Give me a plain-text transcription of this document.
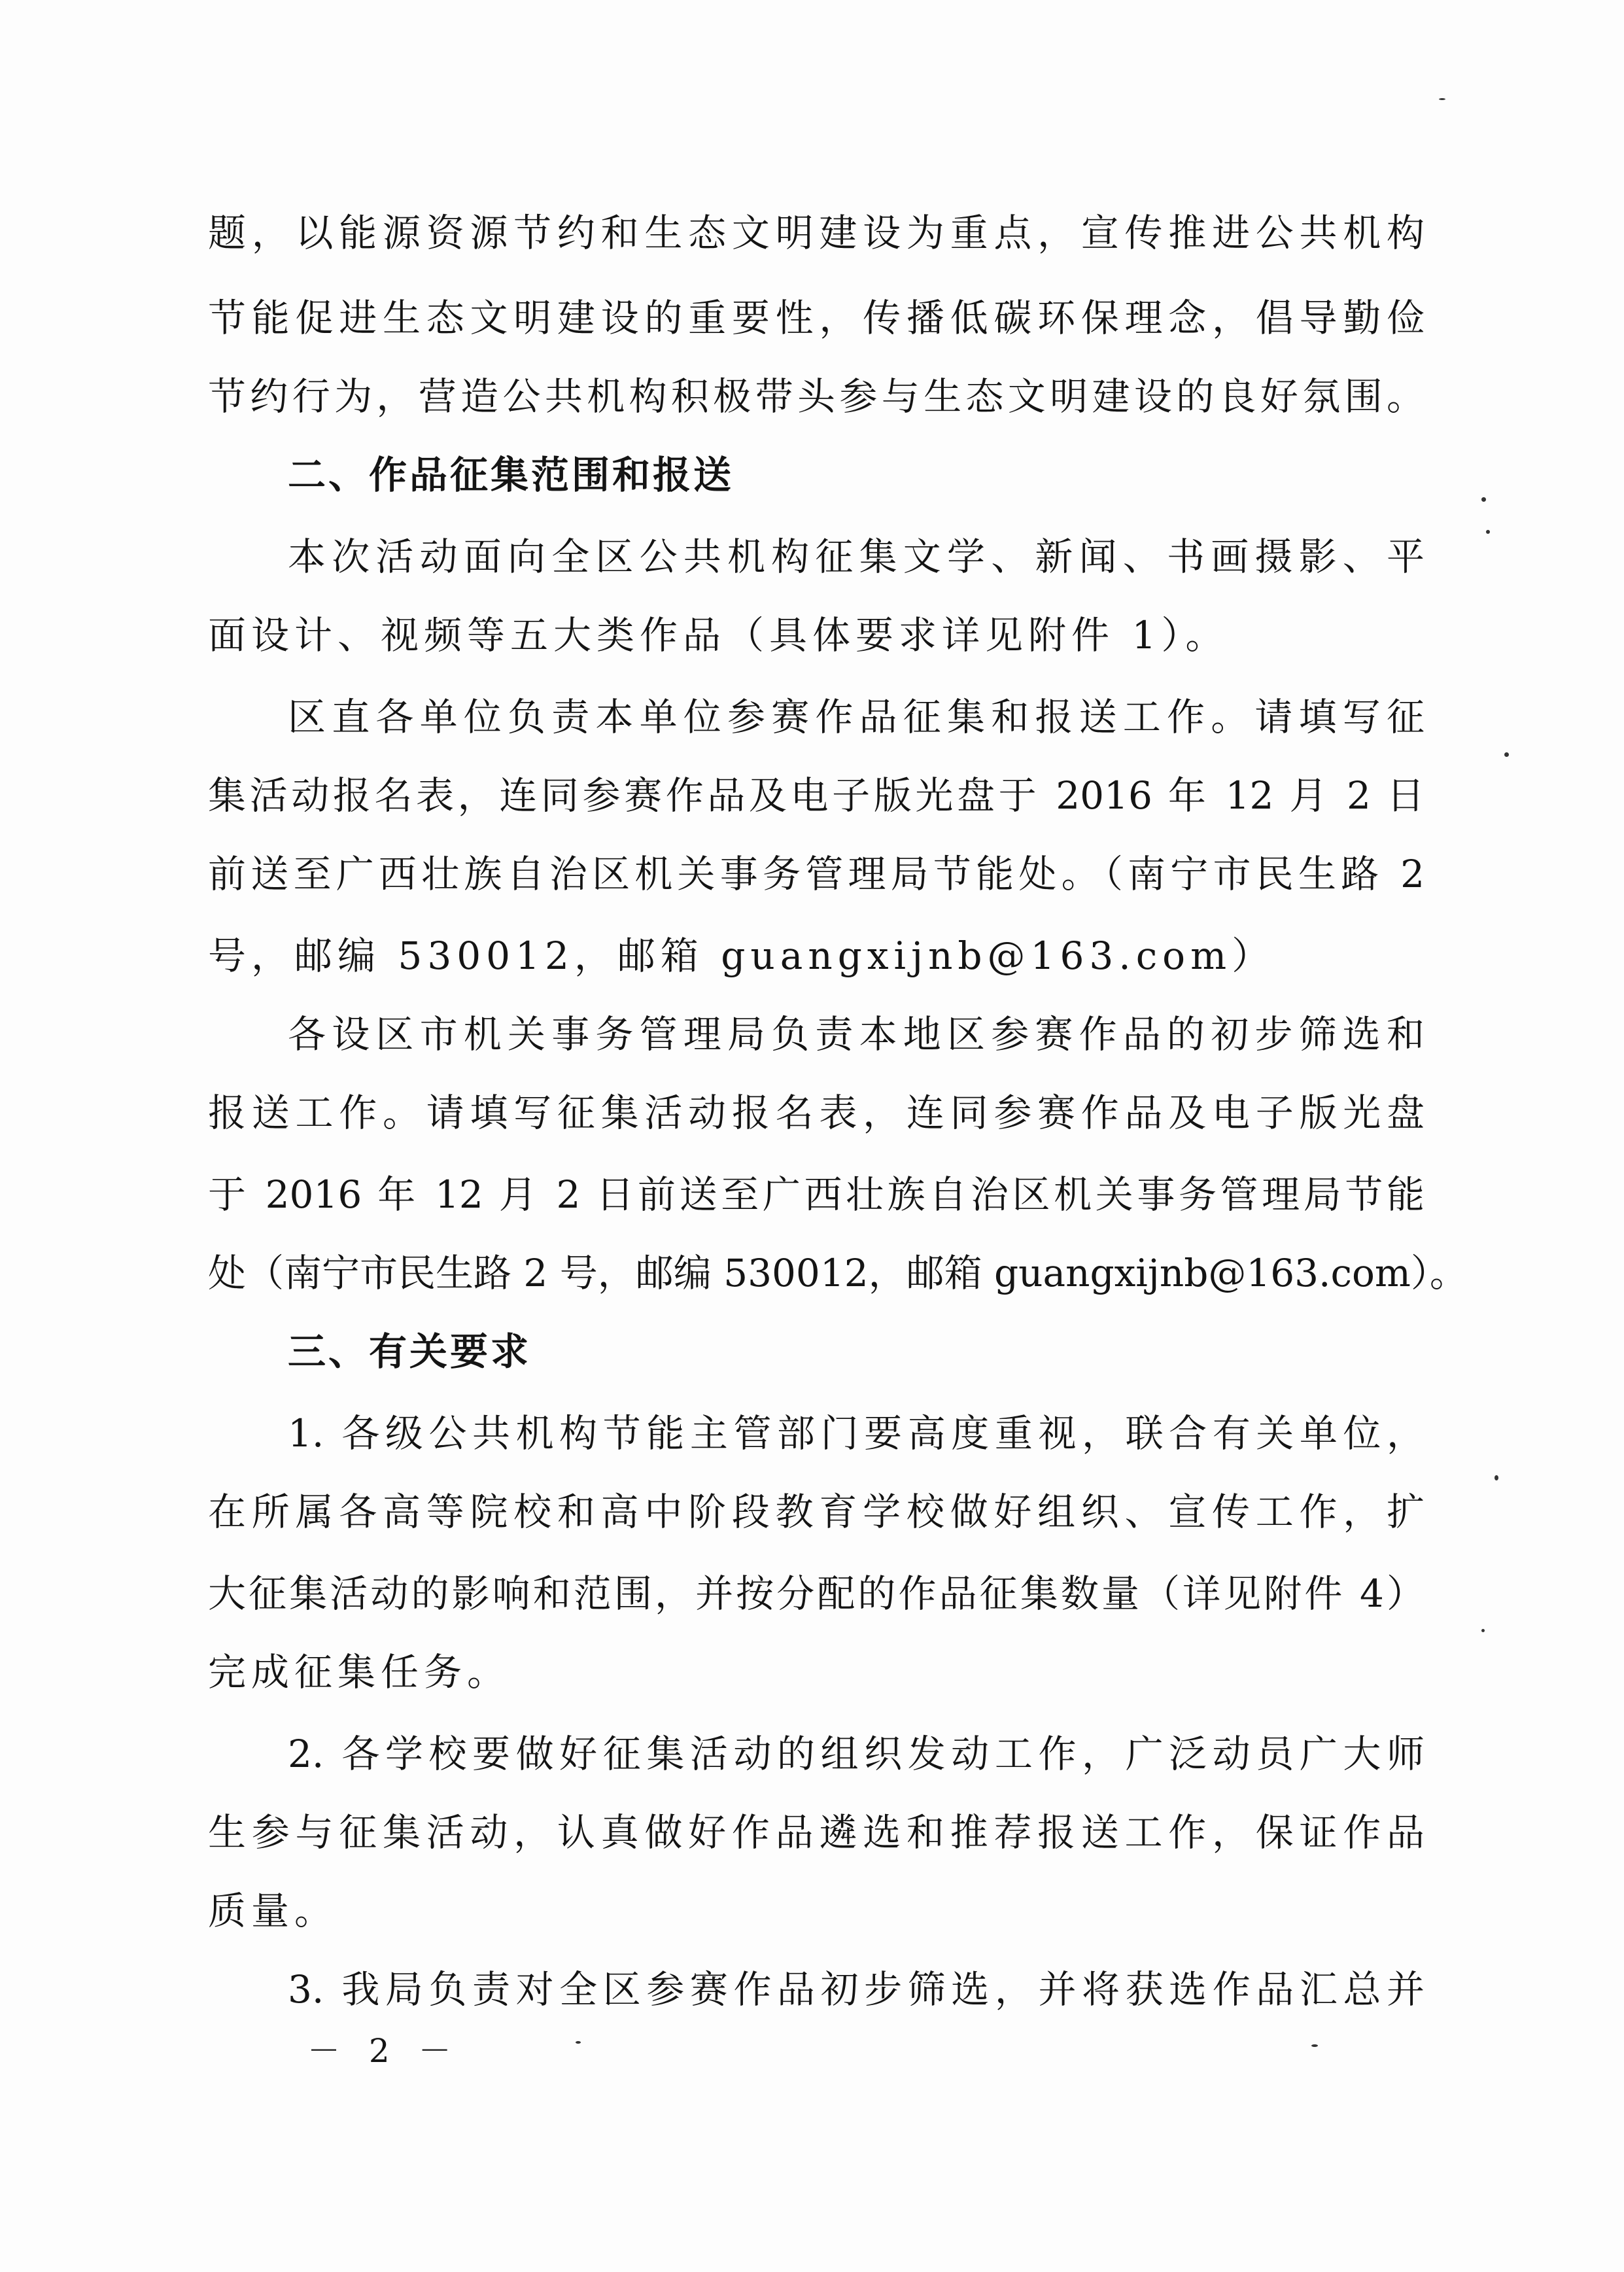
题，以能源资源节约和生态文明建设为重点，宣传推进公共机构
节能促进生态文明建设的重要性，传播低碳环保理念，倡导勤俭
节约行为，营造公共机构积极带头参与生态文明建设的良好氛围。
二、作品征集范围和报送
本次活动面向全区公共机构征集文学、新闻、书画摄影、平
面设计、视频等五大类作品（具体要求详见附件 1）。
区直各单位负责本单位参赛作品征集和报送工作。请填写征
集活动报名表，连同参赛作品及电子版光盘于 2016 年 12 月 2 日
前送至广西壮族自治区机关事务管理局节能处。（南宁市民生路 2
号，邮编 530012，邮箱 guangxijnb@163.com）
各设区市机关事务管理局负责本地区参赛作品的初步筛选和
报送工作。请填写征集活动报名表，连同参赛作品及电子版光盘
于 2016 年 12 月 2 日前送至广西壮族自治区机关事务管理局节能
处（南宁市民生路 2 号，邮编 530012，邮箱 guangxijnb@163.com）。
三、有关要求
1. 各级公共机构节能主管部门要高度重视，联合有关单位，
在所属各高等院校和高中阶段教育学校做好组织、宣传工作，扩
大征集活动的影响和范围，并按分配的作品征集数量（详见附件 4）
完成征集任务。
2. 各学校要做好征集活动的组织发动工作，广泛动员广大师
生参与征集活动，认真做好作品遴选和推荐报送工作，保证作品
质量。
3. 我局负责对全区参赛作品初步筛选，并将获选作品汇总并
－ 2 －
